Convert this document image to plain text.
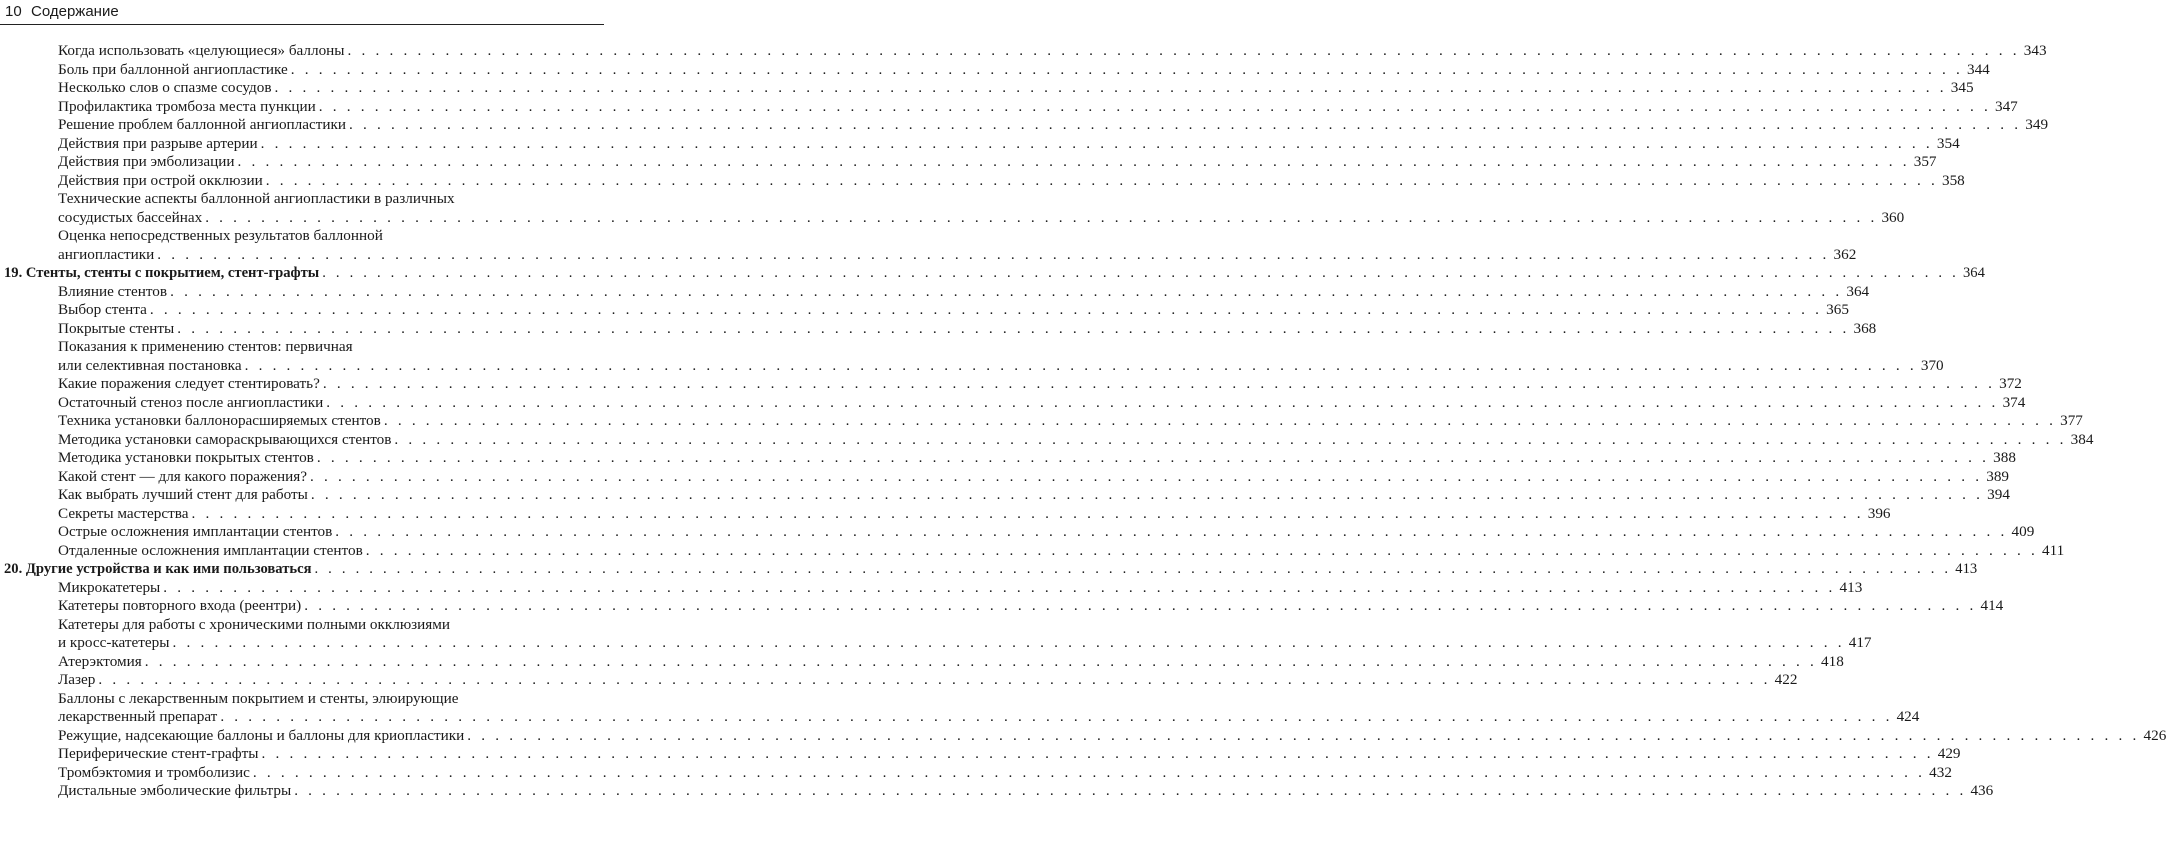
10 Содержание
Когда использовать «целующиеся» баллоны . . . . . . . . . . . . . . . . . . . . . . . . . . . . . . . . . . . . . . . . . . . . . . . . . . . . . . . . . . . . . . . . . . . . . . . . . . . . . . . . . . . . . . . . . . . . . . . . . . . . . . . . . . . . . . . . . . . . . . . . 343
Боль при баллонной ангиопластике . . . . . . . . . . . . . . . . . . . . . . . . . . . . . . . . . . . . . . . . . . . . . . . . . . . . . . . . . . . . . . . . . . . . . . . . . . . . . . . . . . . . . . . . . . . . . . . . . . . . . . . . . . . . . . . . . . . . . . . . 344
Несколько слов о спазме сосудов . . . . . . . . . . . . . . . . . . . . . . . . . . . . . . . . . . . . . . . . . . . . . . . . . . . . . . . . . . . . . . . . . . . . . . . . . . . . . . . . . . . . . . . . . . . . . . . . . . . . . . . . . . . . . . . . . . . . . . . . 345
Профилактика тромбоза места пункции . . . . . . . . . . . . . . . . . . . . . . . . . . . . . . . . . . . . . . . . . . . . . . . . . . . . . . . . . . . . . . . . . . . . . . . . . . . . . . . . . . . . . . . . . . . . . . . . . . . . . . . . . . . . . . . . . . . . . . . . 347
Решение проблем баллонной ангиопластики . . . . . . . . . . . . . . . . . . . . . . . . . . . . . . . . . . . . . . . . . . . . . . . . . . . . . . . . . . . . . . . . . . . . . . . . . . . . . . . . . . . . . . . . . . . . . . . . . . . . . . . . . . . . . . . . . . . . . . . . 349
Действия при разрыве артерии . . . . . . . . . . . . . . . . . . . . . . . . . . . . . . . . . . . . . . . . . . . . . . . . . . . . . . . . . . . . . . . . . . . . . . . . . . . . . . . . . . . . . . . . . . . . . . . . . . . . . . . . . . . . . . . . . . . . . . . . 354
Действия при эмболизации . . . . . . . . . . . . . . . . . . . . . . . . . . . . . . . . . . . . . . . . . . . . . . . . . . . . . . . . . . . . . . . . . . . . . . . . . . . . . . . . . . . . . . . . . . . . . . . . . . . . . . . . . . . . . . . . . . . . . . . . 357
Действия при острой окклюзии . . . . . . . . . . . . . . . . . . . . . . . . . . . . . . . . . . . . . . . . . . . . . . . . . . . . . . . . . . . . . . . . . . . . . . . . . . . . . . . . . . . . . . . . . . . . . . . . . . . . . . . . . . . . . . . . . . . . . . . . 358
Технические аспекты баллонной ангиопластики в различных
сосудистых бассейнах . . . . . . . . . . . . . . . . . . . . . . . . . . . . . . . . . . . . . . . . . . . . . . . . . . . . . . . . . . . . . . . . . . . . . . . . . . . . . . . . . . . . . . . . . . . . . . . . . . . . . . . . . . . . . . . . . . . . . . . . 360
Оценка непосредственных результатов баллонной
ангиопластики . . . . . . . . . . . . . . . . . . . . . . . . . . . . . . . . . . . . . . . . . . . . . . . . . . . . . . . . . . . . . . . . . . . . . . . . . . . . . . . . . . . . . . . . . . . . . . . . . . . . . . . . . . . . . . . . . . . . . . . . 362
19. Стенты, стенты с покрытием, стент-графты . . . . . . . . . . . . . . . . . . . . . . . . . . . . . . . . . . . . . . . . . . . . . . . . . . . . . . . . . . . . . . . . . . . . . . . . . . . . . . . . . . . . . . . . . . . . . . . . . . . . . . . . . . . . . . . . . . . . . . . . 364
Влияние стентов . . . . . . . . . . . . . . . . . . . . . . . . . . . . . . . . . . . . . . . . . . . . . . . . . . . . . . . . . . . . . . . . . . . . . . . . . . . . . . . . . . . . . . . . . . . . . . . . . . . . . . . . . . . . . . . . . . . . . . . . 364
Выбор стента . . . . . . . . . . . . . . . . . . . . . . . . . . . . . . . . . . . . . . . . . . . . . . . . . . . . . . . . . . . . . . . . . . . . . . . . . . . . . . . . . . . . . . . . . . . . . . . . . . . . . . . . . . . . . . . . . . . . . . . . 365
Покрытые стенты . . . . . . . . . . . . . . . . . . . . . . . . . . . . . . . . . . . . . . . . . . . . . . . . . . . . . . . . . . . . . . . . . . . . . . . . . . . . . . . . . . . . . . . . . . . . . . . . . . . . . . . . . . . . . . . . . . . . . . . . 368
Показания к применению стентов: первичная
или селективная постановка . . . . . . . . . . . . . . . . . . . . . . . . . . . . . . . . . . . . . . . . . . . . . . . . . . . . . . . . . . . . . . . . . . . . . . . . . . . . . . . . . . . . . . . . . . . . . . . . . . . . . . . . . . . . . . . . . . . . . . . . 370
Какие поражения следует стентировать? . . . . . . . . . . . . . . . . . . . . . . . . . . . . . . . . . . . . . . . . . . . . . . . . . . . . . . . . . . . . . . . . . . . . . . . . . . . . . . . . . . . . . . . . . . . . . . . . . . . . . . . . . . . . . . . . . . . . . . . . 372
Остаточный стеноз после ангиопластики . . . . . . . . . . . . . . . . . . . . . . . . . . . . . . . . . . . . . . . . . . . . . . . . . . . . . . . . . . . . . . . . . . . . . . . . . . . . . . . . . . . . . . . . . . . . . . . . . . . . . . . . . . . . . . . . . . . . . . . . 374
Техника установки баллонорасширяемых стентов . . . . . . . . . . . . . . . . . . . . . . . . . . . . . . . . . . . . . . . . . . . . . . . . . . . . . . . . . . . . . . . . . . . . . . . . . . . . . . . . . . . . . . . . . . . . . . . . . . . . . . . . . . . . . . . . . . . . . . . . 377
Методика установки самораскрывающихся стентов . . . . . . . . . . . . . . . . . . . . . . . . . . . . . . . . . . . . . . . . . . . . . . . . . . . . . . . . . . . . . . . . . . . . . . . . . . . . . . . . . . . . . . . . . . . . . . . . . . . . . . . . . . . . . . . . . . . . . . . . 384
Методика установки покрытых стентов . . . . . . . . . . . . . . . . . . . . . . . . . . . . . . . . . . . . . . . . . . . . . . . . . . . . . . . . . . . . . . . . . . . . . . . . . . . . . . . . . . . . . . . . . . . . . . . . . . . . . . . . . . . . . . . . . . . . . . . . 388
Какой стент — для какого поражения? . . . . . . . . . . . . . . . . . . . . . . . . . . . . . . . . . . . . . . . . . . . . . . . . . . . . . . . . . . . . . . . . . . . . . . . . . . . . . . . . . . . . . . . . . . . . . . . . . . . . . . . . . . . . . . . . . . . . . . . . 389
Как выбрать лучший стент для работы . . . . . . . . . . . . . . . . . . . . . . . . . . . . . . . . . . . . . . . . . . . . . . . . . . . . . . . . . . . . . . . . . . . . . . . . . . . . . . . . . . . . . . . . . . . . . . . . . . . . . . . . . . . . . . . . . . . . . . . . 394
Секреты мастерства . . . . . . . . . . . . . . . . . . . . . . . . . . . . . . . . . . . . . . . . . . . . . . . . . . . . . . . . . . . . . . . . . . . . . . . . . . . . . . . . . . . . . . . . . . . . . . . . . . . . . . . . . . . . . . . . . . . . . . . . 396
Острые осложнения имплантации стентов . . . . . . . . . . . . . . . . . . . . . . . . . . . . . . . . . . . . . . . . . . . . . . . . . . . . . . . . . . . . . . . . . . . . . . . . . . . . . . . . . . . . . . . . . . . . . . . . . . . . . . . . . . . . . . . . . . . . . . . . 409
Отдаленные осложнения имплантации стентов . . . . . . . . . . . . . . . . . . . . . . . . . . . . . . . . . . . . . . . . . . . . . . . . . . . . . . . . . . . . . . . . . . . . . . . . . . . . . . . . . . . . . . . . . . . . . . . . . . . . . . . . . . . . . . . . . . . . . . . . 411
20. Другие устройства и как ими пользоваться . . . . . . . . . . . . . . . . . . . . . . . . . . . . . . . . . . . . . . . . . . . . . . . . . . . . . . . . . . . . . . . . . . . . . . . . . . . . . . . . . . . . . . . . . . . . . . . . . . . . . . . . . . . . . . . . . . . . . . . . 413
Микрокатетеры . . . . . . . . . . . . . . . . . . . . . . . . . . . . . . . . . . . . . . . . . . . . . . . . . . . . . . . . . . . . . . . . . . . . . . . . . . . . . . . . . . . . . . . . . . . . . . . . . . . . . . . . . . . . . . . . . . . . . . . . 413
Катетеры повторного входа (реентри) . . . . . . . . . . . . . . . . . . . . . . . . . . . . . . . . . . . . . . . . . . . . . . . . . . . . . . . . . . . . . . . . . . . . . . . . . . . . . . . . . . . . . . . . . . . . . . . . . . . . . . . . . . . . . . . . . . . . . . . . 414
Катетеры для работы с хроническими полными окклюзиями
и кросс-катетеры . . . . . . . . . . . . . . . . . . . . . . . . . . . . . . . . . . . . . . . . . . . . . . . . . . . . . . . . . . . . . . . . . . . . . . . . . . . . . . . . . . . . . . . . . . . . . . . . . . . . . . . . . . . . . . . . . . . . . . . . 417
Атерэктомия . . . . . . . . . . . . . . . . . . . . . . . . . . . . . . . . . . . . . . . . . . . . . . . . . . . . . . . . . . . . . . . . . . . . . . . . . . . . . . . . . . . . . . . . . . . . . . . . . . . . . . . . . . . . . . . . . . . . . . . . 418
Лазер . . . . . . . . . . . . . . . . . . . . . . . . . . . . . . . . . . . . . . . . . . . . . . . . . . . . . . . . . . . . . . . . . . . . . . . . . . . . . . . . . . . . . . . . . . . . . . . . . . . . . . . . . . . . . . . . . . . . . . . . 422
Баллоны с лекарственным покрытием и стенты, элюирующие
лекарственный препарат . . . . . . . . . . . . . . . . . . . . . . . . . . . . . . . . . . . . . . . . . . . . . . . . . . . . . . . . . . . . . . . . . . . . . . . . . . . . . . . . . . . . . . . . . . . . . . . . . . . . . . . . . . . . . . . . . . . . . . . . 424
Режущие, надсекающие баллоны и баллоны для криопластики . . . . . . . . . . . . . . . . . . . . . . . . . . . . . . . . . . . . . . . . . . . . . . . . . . . . . . . . . . . . . . . . . . . . . . . . . . . . . . . . . . . . . . . . . . . . . . . . . . . . . . . . . . . . . . . . . . . . . . . . 426
Периферические стент-графты . . . . . . . . . . . . . . . . . . . . . . . . . . . . . . . . . . . . . . . . . . . . . . . . . . . . . . . . . . . . . . . . . . . . . . . . . . . . . . . . . . . . . . . . . . . . . . . . . . . . . . . . . . . . . . . . . . . . . . . . 429
Тромбэктомия и тромболизис . . . . . . . . . . . . . . . . . . . . . . . . . . . . . . . . . . . . . . . . . . . . . . . . . . . . . . . . . . . . . . . . . . . . . . . . . . . . . . . . . . . . . . . . . . . . . . . . . . . . . . . . . . . . . . . . . . . . . . . . 432
Дистальные эмболические фильтры . . . . . . . . . . . . . . . . . . . . . . . . . . . . . . . . . . . . . . . . . . . . . . . . . . . . . . . . . . . . . . . . . . . . . . . . . . . . . . . . . . . . . . . . . . . . . . . . . . . . . . . . . . . . . . . . . . . . . . . . 436
